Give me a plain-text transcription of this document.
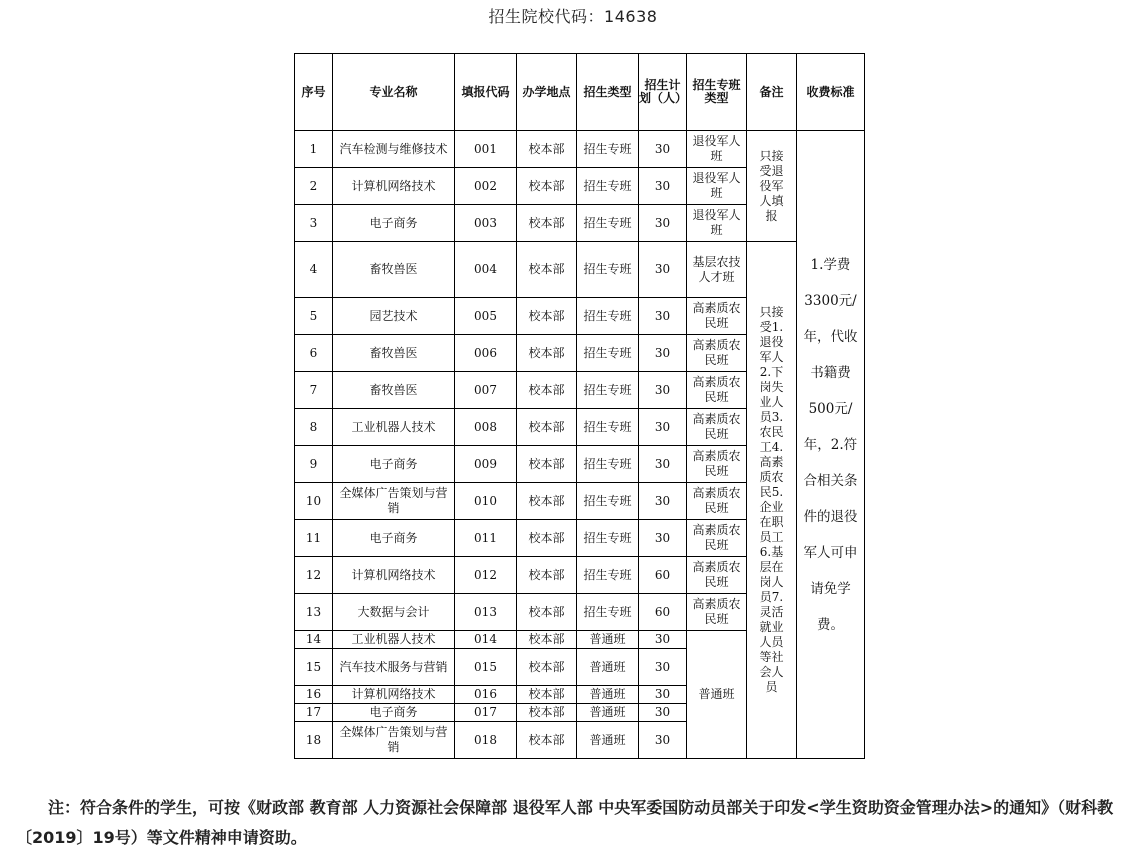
招生院校代码：14638
序号	专业名称	填报代码	办学地点	招生类型	招生计划（人）	招生专班类型	备注	收费标准
1	汽车检测与维修技术	001	校本部	招生专班	30	退役军人班	只接受退役军人填报	1.学费3300元/年，代收书籍费500元/年，2.符合相关条件的退役军人可申请免学费。
2	计算机网络技术	002	校本部	招生专班	30	退役军人班		
3	电子商务	003	校本部	招生专班	30	退役军人班		
4	畜牧兽医	004	校本部	招生专班	30	基层农技人才班	只接受1.退役军人2.下岗失业人员3.农民工4.高素质农民5.企业在职员工6.基层在岗人员7.灵活就业人员等社会人员	
5	园艺技术	005	校本部	招生专班	30	高素质农民班		
6	畜牧兽医	006	校本部	招生专班	30	高素质农民班		
7	畜牧兽医	007	校本部	招生专班	30	高素质农民班		
8	工业机器人技术	008	校本部	招生专班	30	高素质农民班		
9	电子商务	009	校本部	招生专班	30	高素质农民班		
10	全媒体广告策划与营销	010	校本部	招生专班	30	高素质农民班		
11	电子商务	011	校本部	招生专班	30	高素质农民班		
12	计算机网络技术	012	校本部	招生专班	60	高素质农民班		
13	大数据与会计	013	校本部	招生专班	60	高素质农民班		
14	工业机器人技术	014	校本部	普通班	30	普通班		
15	汽车技术服务与营销	015	校本部	普通班	30			
16	计算机网络技术	016	校本部	普通班	30			
17	电子商务	017	校本部	普通班	30			
18	全媒体广告策划与营销	018	校本部	普通班	30			
注：符合条件的学生，可按《财政部 教育部 人力资源社会保障部 退役军人部 中央军委国防动员部关于印发<学生资助资金管理办法>的通知》（财科教〔2019〕19号）等文件精神申请资助。
